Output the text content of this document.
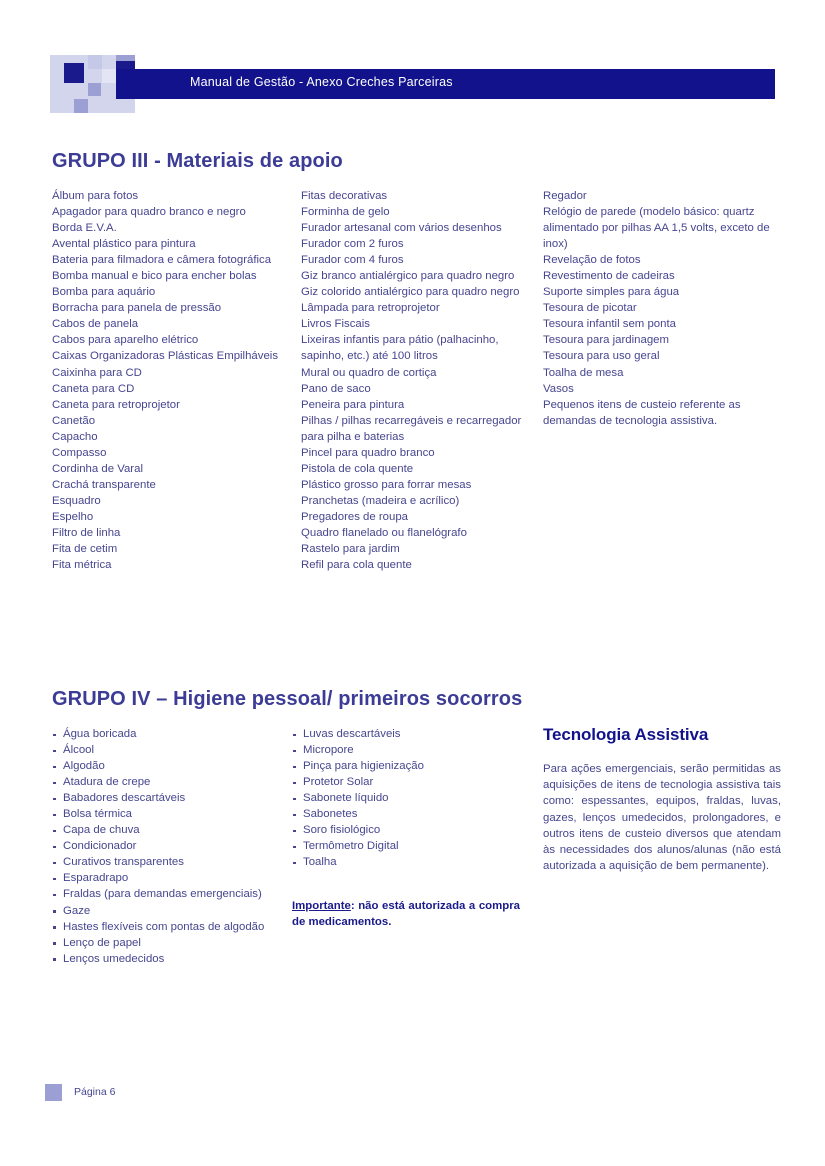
Manual de Gestão - Anexo Creches Parceiras
GRUPO III - Materiais de apoio
Álbum para fotos
Apagador para quadro branco e negro
Borda E.V.A.
Avental plástico para pintura
Bateria para filmadora e câmera fotográfica
Bomba manual e bico para encher bolas
Bomba para aquário
Borracha para panela de pressão
Cabos de panela
Cabos para aparelho elétrico
Caixas Organizadoras Plásticas Empilháveis
Caixinha para CD
Caneta para CD
Caneta para retroprojetor
Canetão
Capacho
Compasso
Cordinha de Varal
Crachá transparente
Esquadro
Espelho
Filtro de linha
Fita de cetim
Fita métrica
Fitas decorativas
Forminha de gelo
Furador artesanal com vários desenhos
Furador com 2 furos
Furador com 4 furos
Giz branco antialérgico para quadro negro
Giz colorido antialérgico para quadro negro
Lâmpada para retroprojetor
Livros Fiscais
Lixeiras infantis para pátio (palhacinho, sapinho, etc.) até 100 litros
Mural ou quadro de cortiça
Pano de saco
Peneira para pintura
Pilhas / pilhas recarregáveis e recarregador para pilha e baterias
Pincel para quadro branco
Pistola de cola quente
Plástico grosso para forrar mesas
Pranchetas (madeira e acrílico)
Pregadores de roupa
Quadro flanelado ou flanelógrafo
Rastelo para jardim
Refil para cola quente
Regador
Relógio de parede (modelo básico: quartz alimentado por pilhas AA 1,5 volts, exceto de inox)
Revelação de fotos
Revestimento de cadeiras
Suporte simples para água
Tesoura de picotar
Tesoura infantil sem ponta
Tesoura para jardinagem
Tesoura para uso geral
Toalha de mesa
Vasos
Pequenos itens de custeio referente as demandas de tecnologia assistiva.
GRUPO IV – Higiene pessoal/ primeiros socorros
Água boricada
Álcool
Algodão
Atadura de crepe
Babadores descartáveis
Bolsa térmica
Capa de chuva
Condicionador
Curativos transparentes
Esparadrapo
Fraldas (para demandas emergenciais)
Gaze
Hastes flexíveis com pontas de algodão
Lenço de papel
Lenços umedecidos
Luvas descartáveis
Micropore
Pinça para higienização
Protetor Solar
Sabonete líquido
Sabonetes
Soro fisiológico
Termômetro Digital
Toalha

Importante: não está autorizada a compra de medicamentos.

Tecnologia Assistiva

Para ações emergenciais, serão permitidas as aquisições de itens de tecnologia assistiva tais como: espessantes, equipos, fraldas, luvas, gazes, lenços umedecidos, prolongadores, e outros itens de custeio diversos que atendam às necessidades dos alunos/alunas (não está autorizada a aquisição de bem permanente).

Página 6
